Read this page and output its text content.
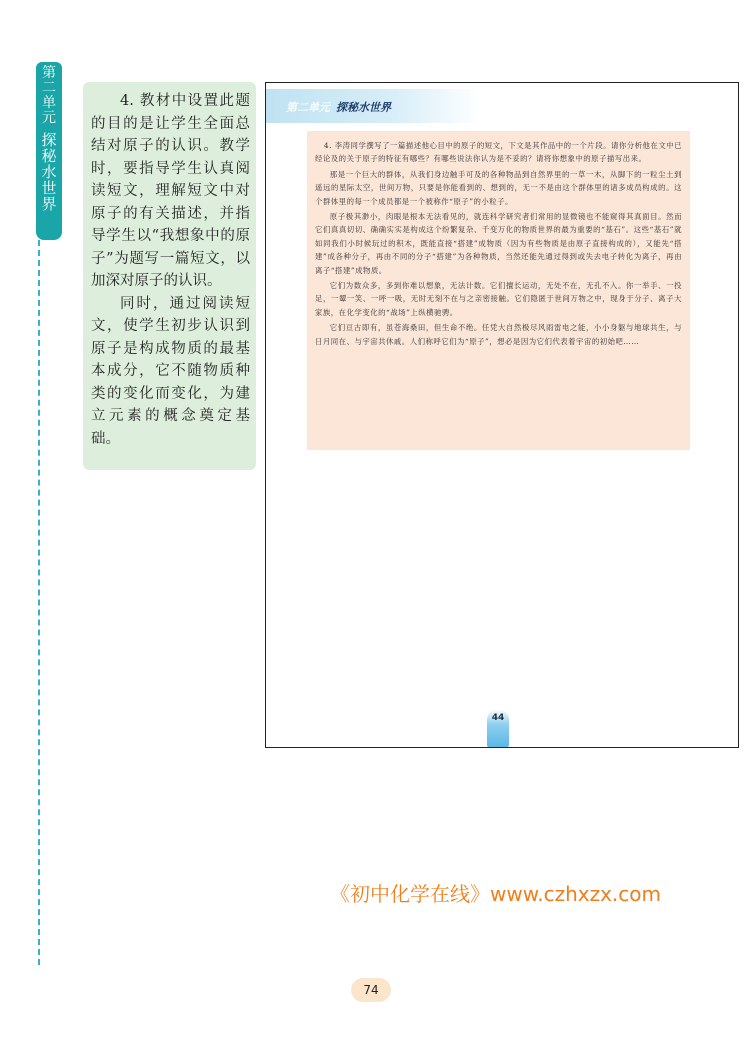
第
二
单
元
探
秘
水
世
界

4. 教材中设置此题的目的是让学生全面总结对原子的认识。教学时，要指导学生认真阅读短文，理解短文中对原子的有关描述，并指导学生以“我想象中的原子”为题写一篇短文，以加深对原子的认识。

同时，通过阅读短文，使学生初步认识到原子是构成物质的最基本成分，它不随物质种类的变化而变化，为建立元素的概念奠定基础。

第二单元 探秘水世界

4. 李涛同学撰写了一篇描述他心目中的原子的短文，下文是其作品中的一个片段。请你分析他在文中已经论及的关于原子的特征有哪些？有哪些说法你认为是不妥的？请将你想象中的原子描写出来。

那是一个巨大的群体，从我们身边触手可及的各种物品到自然界里的一草一木，从脚下的一粒尘土到遥远的星际太空，世间万物，只要是你能看到的、想到的，无一不是由这个群体里的诸多成员构成的。这个群体里的每一个成员都是一个被称作“原子”的小粒子。

原子极其渺小，肉眼是根本无法看见的，就连科学研究者们常用的显微镜也不能窥得其真面目。然而它们真真切切、确确实实是构成这个纷繁复杂、千变万化的物质世界的最为重要的“基石”。这些“基石”就如同我们小时候玩过的积木，既能直接“搭建”成物质（因为有些物质是由原子直接构成的），又能先“搭建”成各种分子，再由不同的分子“搭建”为各种物质，当然还能先通过得到或失去电子转化为离子，再由离子“搭建”成物质。

它们为数众多，多到你难以想象，无法计数。它们擅长运动，无处不在，无孔不入。你一举手、一投足，一颦一笑、一呼一吸，无时无刻不在与之亲密接触。它们隐匿于世间万物之中，现身于分子、离子大家族，在化学变化的“战场”上纵横驰骋。

它们亘古即有，虽苍海桑田，但生命不绝。任凭大自然极尽风雨雷电之能，小小身躯与地球共生，与日月同在、与宇宙共休戚。人们称呼它们为“原子”，想必是因为它们代表着宇宙的初始吧……

44
《初中化学在线》www.czhxzx.com
74
